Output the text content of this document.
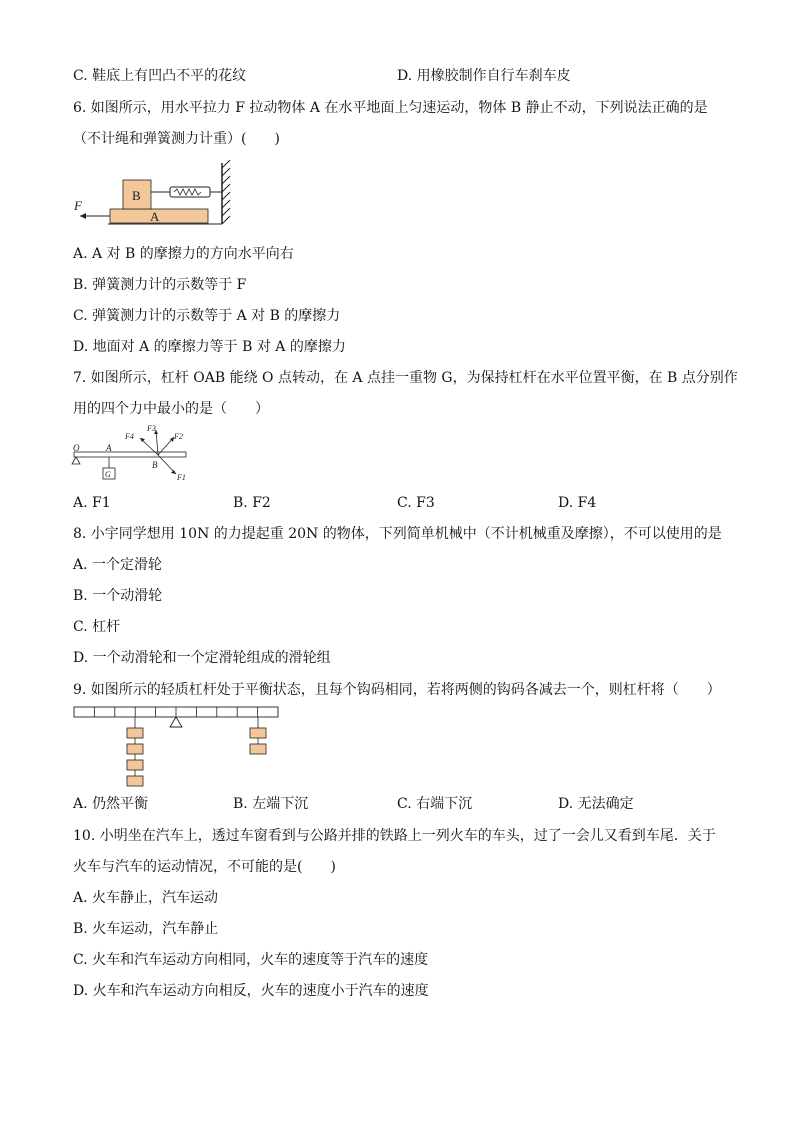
C. 鞋底上有凹凸不平的花纹	D. 用橡胶制作自行车刹车皮
6. 如图所示，用水平拉力 F 拉动物体 A 在水平地面上匀速运动，物体 B 静止不动，下列说法正确的是
（不计绳和弹簧测力计重）(　　)
A
B
F
A. A 对 B 的摩擦力的方向水平向右
B. 弹簧测力计的示数等于 F
C. 弹簧测力计的示数等于 A 对 B 的摩擦力
D. 地面对 A 的摩擦力等于 B 对 A 的摩擦力
7. 如图所示，杠杆 OAB 能绕 O 点转动，在 A 点挂一重物 G，为保持杠杆在水平位置平衡，在 B 点分别作
用的四个力中最小的是（　　）
O	A
B
G
F4
F3
F2
F1
A. F1	B. F2	C. F3	D. F4
8. 小宇同学想用 10N 的力提起重 20N 的物体，下列简单机械中（不计机械重及摩擦），不可以使用的是
A. 一个定滑轮
B. 一个动滑轮
C. 杠杆
D. 一个动滑轮和一个定滑轮组成的滑轮组
9. 如图所示的轻质杠杆处于平衡状态，且每个钩码相同，若将两侧的钩码各减去一个，则杠杆将（　　）
A. 仍然平衡	B. 左端下沉	C. 右端下沉	D. 无法确定
10. 小明坐在汽车上，透过车窗看到与公路并排的铁路上一列火车的车头，过了一会儿又看到车尾．关于
火车与汽车的运动情况，不可能的是(　　)
A. 火车静止，汽车运动
B. 火车运动，汽车静止
C. 火车和汽车运动方向相同，火车的速度等于汽车的速度
D. 火车和汽车运动方向相反，火车的速度小于汽车的速度
